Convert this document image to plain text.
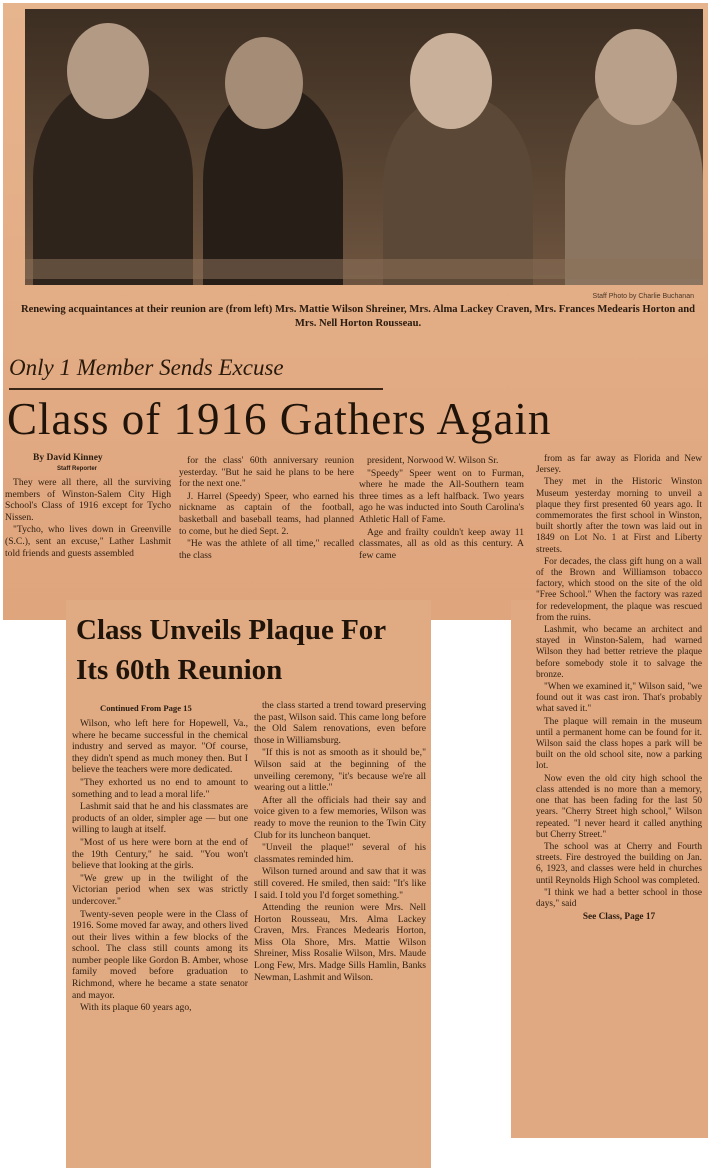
Staff Photo by Charlie Buchanan
Renewing acquaintances at their reunion are (from left) Mrs. Mattie Wilson Shreiner, Mrs. Alma Lackey Craven, Mrs. Frances Medearis Horton and Mrs. Nell Horton Rousseau.
Only 1 Member Sends Excuse
Class of 1916 Gathers Again
By David Kinney
Staff Reporter

They were all there, all the surviving members of Winston-Salem City High School's Class of 1916 except for Tycho Nissen.

"Tycho, who lives down in Greenville (S.C.), sent an excuse," Lather Lashmit told friends and guests assembled

for the class' 60th anniversary reunion yesterday. "But he said he plans to be here for the next one."

J. Harrel (Speedy) Speer, who earned his nickname as captain of the football, basketball and baseball teams, had planned to come, but he died Sept. 2.

"He was the athlete of all time," recalled the class

president, Norwood W. Wilson Sr.

"Speedy" Speer went on to Furman, where he made the All-Southern team three times as a left halfback. Two years ago he was inducted into South Carolina's Athletic Hall of Fame.

Age and frailty couldn't keep away 11 classmates, all as old as this century. A few came

Class Unveils Plaque For Its 60th Reunion
Continued From Page 15

Wilson, who left here for Hopewell, Va., where he became successful in the chemical industry and served as mayor. "Of course, they didn't spend as much money then. But I believe the teachers were more dedicated.

"They exhorted us no end to amount to something and to lead a moral life."

Lashmit said that he and his classmates are products of an older, simpler age — but one willing to laugh at itself.

"Most of us here were born at the end of the 19th Century," he said. "You won't believe that looking at the girls.

"We grew up in the twilight of the Victorian period when sex was strictly undercover."

Twenty-seven people were in the Class of 1916. Some moved far away, and others lived out their lives within a few blocks of the school. The class still counts among its number people like Gordon B. Amber, whose family moved before graduation to Richmond, where he became a state senator and mayor.

With its plaque 60 years ago,

the class started a trend toward preserving the past, Wilson said. This came long before the Old Salem renovations, even before those in Williamsburg.

"If this is not as smooth as it should be," Wilson said at the beginning of the unveiling ceremony, "it's because we're all wearing out a little."

After all the officials had their say and voice given to a few memories, Wilson was ready to move the reunion to the Twin City Club for its luncheon banquet.

"Unveil the plaque!" several of his classmates reminded him.

Wilson turned around and saw that it was still covered. He smiled, then said: "It's like I said. I told you I'd forget something."

Attending the reunion were Mrs. Nell Horton Rousseau, Mrs. Alma Lackey Craven, Mrs. Frances Medearis Horton, Miss Ola Shore, Mrs. Mattie Wilson Shreiner, Miss Rosalie Wilson, Mrs. Maude Long Few, Mrs. Madge Sills Hamlin, Banks Newman, Lashmit and Wilson.

from as far away as Florida and New Jersey.

They met in the Historic Winston Museum yesterday morning to unveil a plaque they first presented 60 years ago. It commemorates the first school in Winston, built shortly after the town was laid out in 1849 on Lot No. 1 at First and Liberty streets.

For decades, the class gift hung on a wall of the Brown and Williamson tobacco factory, which stood on the site of the old "Free School." When the factory was razed for redevelopment, the plaque was rescued from the ruins.

Lashmit, who became an architect and stayed in Winston-Salem, had warned Wilson they had better retrieve the plaque before somebody stole it to salvage the bronze.

"When we examined it," Wilson said, "we found out it was cast iron. That's probably what saved it."

The plaque will remain in the museum until a permanent home can be found for it. Wilson said the class hopes a park will be built on the old school site, now a parking lot.

Now even the old city high school the class attended is no more than a memory, one that has been fading for the last 50 years. "Cherry Street high school," Wilson repeated. "I never heard it called anything but Cherry Street."

The school was at Cherry and Fourth streets. Fire destroyed the building on Jan. 6, 1923, and classes were held in churches until Reynolds High School was completed.

"I think we had a better school in those days," said

See Class, Page 17
